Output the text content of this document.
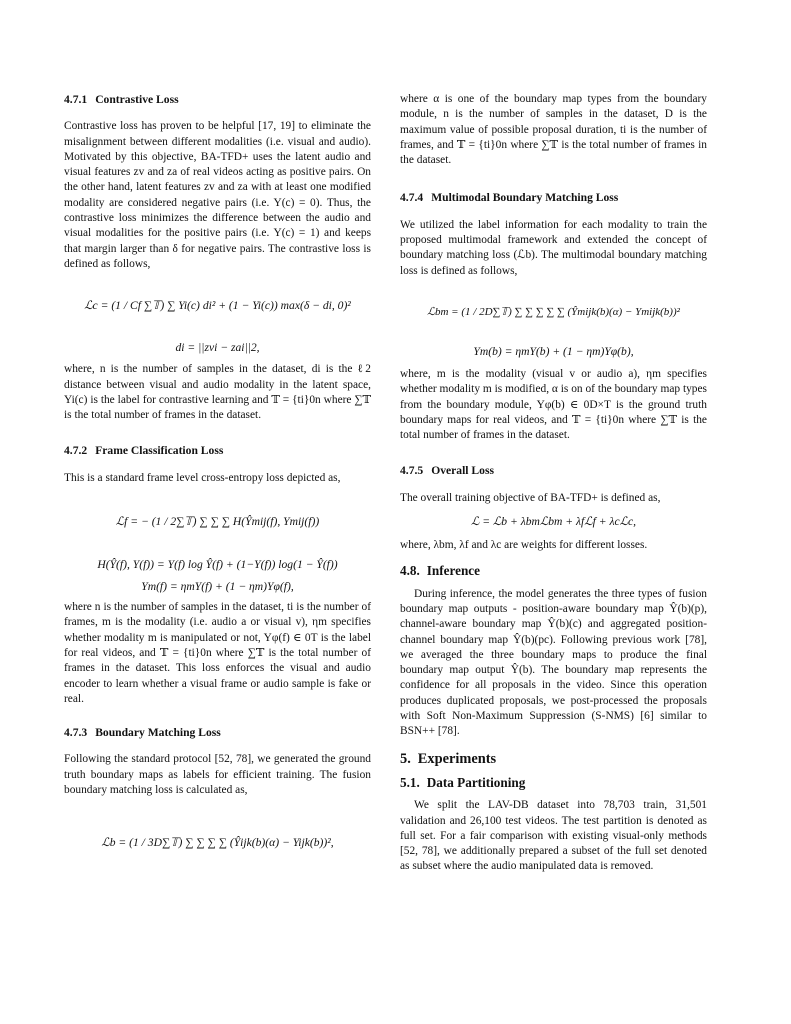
4.7.1 Contrastive Loss

Contrastive loss has proven to be helpful [17, 19] to eliminate the misalignment between different modalities (i.e. visual and audio). Motivated by this objective, BA-TFD+ uses the latent audio and visual features zv and za of real videos acting as positive pairs. On the other hand, latent features zv and za with at least one modified modality are considered negative pairs (i.e. Y(c) = 0). Thus, the contrastive loss minimizes the difference between the audio and visual modalities for the positive pairs (i.e. Y(c) = 1) and keeps that margin larger than δ for negative pairs. The contrastive loss is defined as follows,

ℒc = (1 / Cf ∑𝕋) ∑ Yi(c) di² + (1 − Yi(c)) max(δ − di, 0)²
di = ||zvi − zai||2,

where, n is the number of samples in the dataset, di is the ℓ2 distance between visual and audio modality in the latent space, Yi(c) is the label for contrastive learning and 𝕋 = {ti}0n where ∑𝕋 is the total number of frames in the dataset.

4.7.2 Frame Classification Loss

This is a standard frame level cross-entropy loss depicted as,

ℒf = − (1 / 2∑𝕋) ∑ ∑ ∑ H(Ŷmij(f), Ymij(f))
H(Ŷ(f), Y(f)) = Y(f) log Ŷ(f) + (1−Y(f)) log(1 − Ŷ(f))
Ym(f) = ηmY(f) + (1 − ηm)Yφ(f),

where n is the number of samples in the dataset, ti is the number of frames, m is the modality (i.e. audio a or visual v), ηm specifies whether modality m is manipulated or not, Yφ(f) ∈ 0T is the label for real videos, and 𝕋 = {ti}0n where ∑𝕋 is the total number of frames in the dataset. This loss enforces the visual and audio encoder to learn whether a visual frame or audio sample is fake or real.

4.7.3 Boundary Matching Loss

Following the standard protocol [52, 78], we generated the ground truth boundary maps as labels for efficient training. The fusion boundary matching loss is calculated as,

ℒb = (1 / 3D∑𝕋) ∑ ∑ ∑ ∑ (Ŷijk(b)(α) − Yijk(b))²,

where α is one of the boundary map types from the boundary module, n is the number of samples in the dataset, D is the maximum value of possible proposal duration, ti is the number of frames, and 𝕋 = {ti}0n where ∑𝕋 is the total number of frames in the dataset.

4.7.4 Multimodal Boundary Matching Loss

We utilized the label information for each modality to train the proposed multimodal framework and extended the concept of boundary matching loss (ℒb). The multimodal boundary matching loss is defined as follows,

ℒbm = (1 / 2D∑𝕋) ∑ ∑ ∑ ∑ ∑ (Ŷmijk(b)(α) − Ymijk(b))²
Ym(b) = ηmY(b) + (1 − ηm)Yφ(b),

where, m is the modality (visual v or audio a), ηm specifies whether modality m is modified, α is on of the boundary map types from the boundary module, Yφ(b) ∈ 0D×T is the ground truth boundary maps for real videos, and 𝕋 = {ti}0n where ∑𝕋 is the total number of frames in the dataset.

4.7.5 Overall Loss

The overall training objective of BA-TFD+ is defined as,

ℒ = ℒb + λbmℒbm + λfℒf + λcℒc,

where, λbm, λf and λc are weights for different losses.

4.8. Inference

During inference, the model generates the three types of fusion boundary map outputs - position-aware boundary map Ŷ(b)(p), channel-aware boundary map Ŷ(b)(c) and aggregated position-channel boundary map Ŷ(b)(pc). Following previous work [78], we averaged the three boundary maps to produce the final boundary map output Ŷ(b). The boundary map represents the confidence for all proposals in the video. Since this operation produces duplicated proposals, we post-processed the proposals with Soft Non-Maximum Suppression (S-NMS) [6] similar to BSN++ [78].

5. Experiments
5.1. Data Partitioning

We split the LAV-DB dataset into 78,703 train, 31,501 validation and 26,100 test videos. The test partition is denoted as full set. For a fair comparison with existing visual-only methods [52, 78], we additionally prepared a subset of the full set denoted as subset where the audio manipulated data is removed.
